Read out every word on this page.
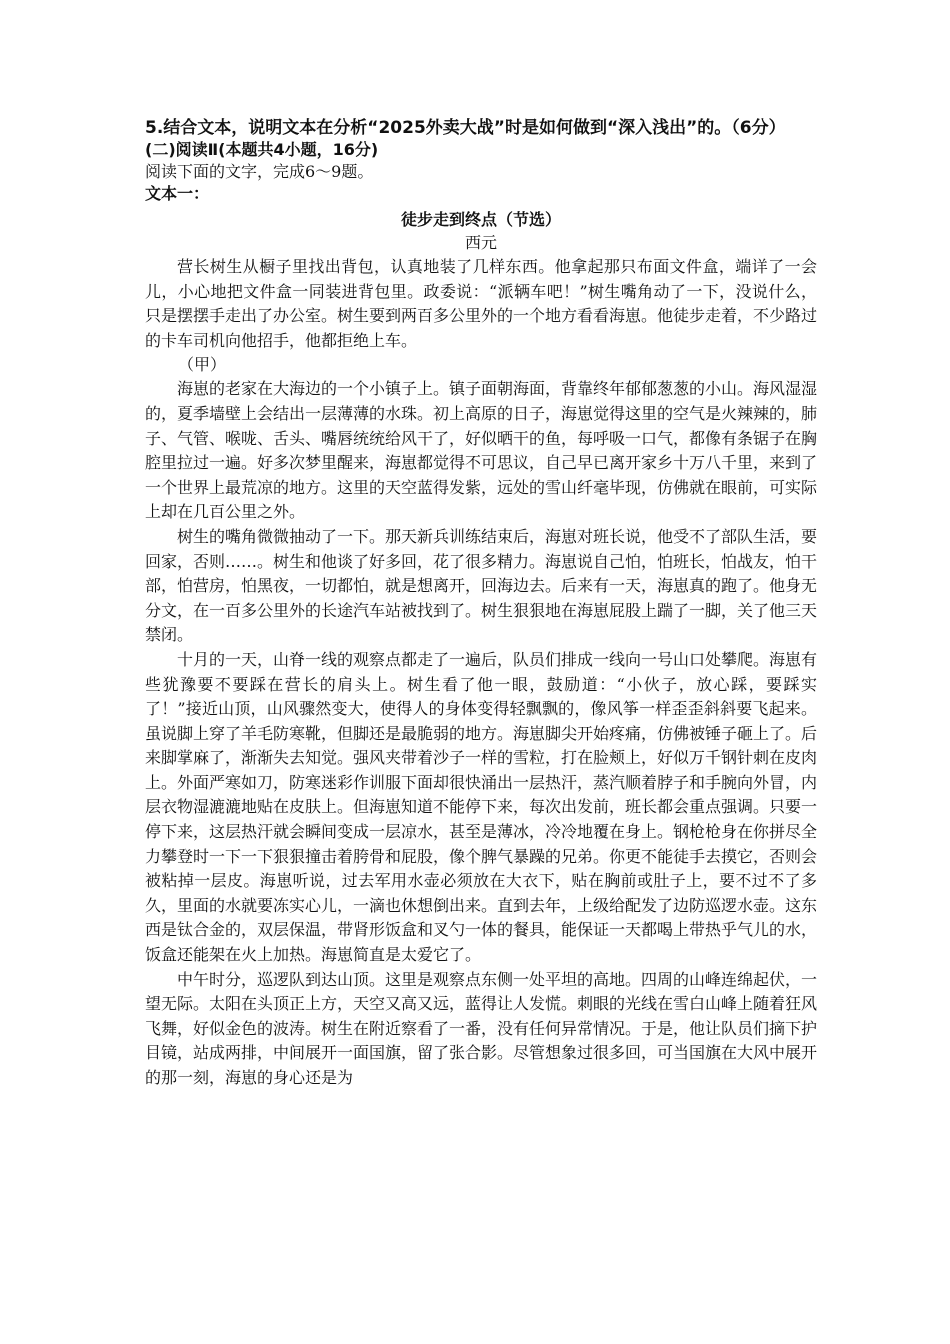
5.结合文本，说明文本在分析“2025外卖大战”时是如何做到“深入浅出”的。（6分）

(二)阅读Ⅱ(本题共4小题，16分)

阅读下面的文字，完成6～9题。

文本一：

徒步走到终点（节选）

西元

营长树生从橱子里找出背包，认真地装了几样东西。他拿起那只布面文件盒，端详了一会儿，小心地把文件盒一同装进背包里。政委说：“派辆车吧！”树生嘴角动了一下，没说什么，只是摆摆手走出了办公室。树生要到两百多公里外的一个地方看看海崽。他徒步走着，不少路过的卡车司机向他招手，他都拒绝上车。

（甲）

海崽的老家在大海边的一个小镇子上。镇子面朝海面，背靠终年郁郁葱葱的小山。海风湿湿的，夏季墙壁上会结出一层薄薄的水珠。初上高原的日子，海崽觉得这里的空气是火辣辣的，肺子、气管、喉咙、舌头、嘴唇统统给风干了，好似晒干的鱼，每呼吸一口气，都像有条锯子在胸腔里拉过一遍。好多次梦里醒来，海崽都觉得不可思议，自己早已离开家乡十万八千里，来到了一个世界上最荒凉的地方。这里的天空蓝得发紫，远处的雪山纤毫毕现，仿佛就在眼前，可实际上却在几百公里之外。

树生的嘴角微微抽动了一下。那天新兵训练结束后，海崽对班长说，他受不了部队生活，要回家，否则……。树生和他谈了好多回，花了很多精力。海崽说自己怕，怕班长，怕战友，怕干部，怕营房，怕黑夜，一切都怕，就是想离开，回海边去。后来有一天，海崽真的跑了。他身无分文，在一百多公里外的长途汽车站被找到了。树生狠狠地在海崽屁股上踹了一脚，关了他三天禁闭。

十月的一天，山脊一线的观察点都走了一遍后，队员们排成一线向一号山口处攀爬。海崽有些犹豫要不要踩在营长的肩头上。树生看了他一眼，鼓励道：“小伙子，放心踩，要踩实了！”接近山顶，山风骤然变大，使得人的身体变得轻飘飘的，像风筝一样歪歪斜斜要飞起来。虽说脚上穿了羊毛防寒靴，但脚还是最脆弱的地方。海崽脚尖开始疼痛，仿佛被锤子砸上了。后来脚掌麻了，渐渐失去知觉。强风夹带着沙子一样的雪粒，打在脸颊上，好似万千钢针刺在皮肉上。外面严寒如刀，防寒迷彩作训服下面却很快涌出一层热汗，蒸汽顺着脖子和手腕向外冒，内层衣物湿漉漉地贴在皮肤上。但海崽知道不能停下来，每次出发前，班长都会重点强调。只要一停下来，这层热汗就会瞬间变成一层凉水，甚至是薄冰，冷冷地覆在身上。钢枪枪身在你拼尽全力攀登时一下一下狠狠撞击着胯骨和屁股，像个脾气暴躁的兄弟。你更不能徒手去摸它，否则会被粘掉一层皮。海崽听说，过去军用水壶必须放在大衣下，贴在胸前或肚子上，要不过不了多久，里面的水就要冻实心儿，一滴也休想倒出来。直到去年，上级给配发了边防巡逻水壶。这东西是钛合金的，双层保温，带肾形饭盒和叉勺一体的餐具，能保证一天都喝上带热乎气儿的水，饭盒还能架在火上加热。海崽简直是太爱它了。

中午时分，巡逻队到达山顶。这里是观察点东侧一处平坦的高地。四周的山峰连绵起伏，一望无际。太阳在头顶正上方，天空又高又远，蓝得让人发慌。刺眼的光线在雪白山峰上随着狂风飞舞，好似金色的波涛。树生在附近察看了一番，没有任何异常情况。于是，他让队员们摘下护目镜，站成两排，中间展开一面国旗，留了张合影。尽管想象过很多回，可当国旗在大风中展开的那一刻，海崽的身心还是为
